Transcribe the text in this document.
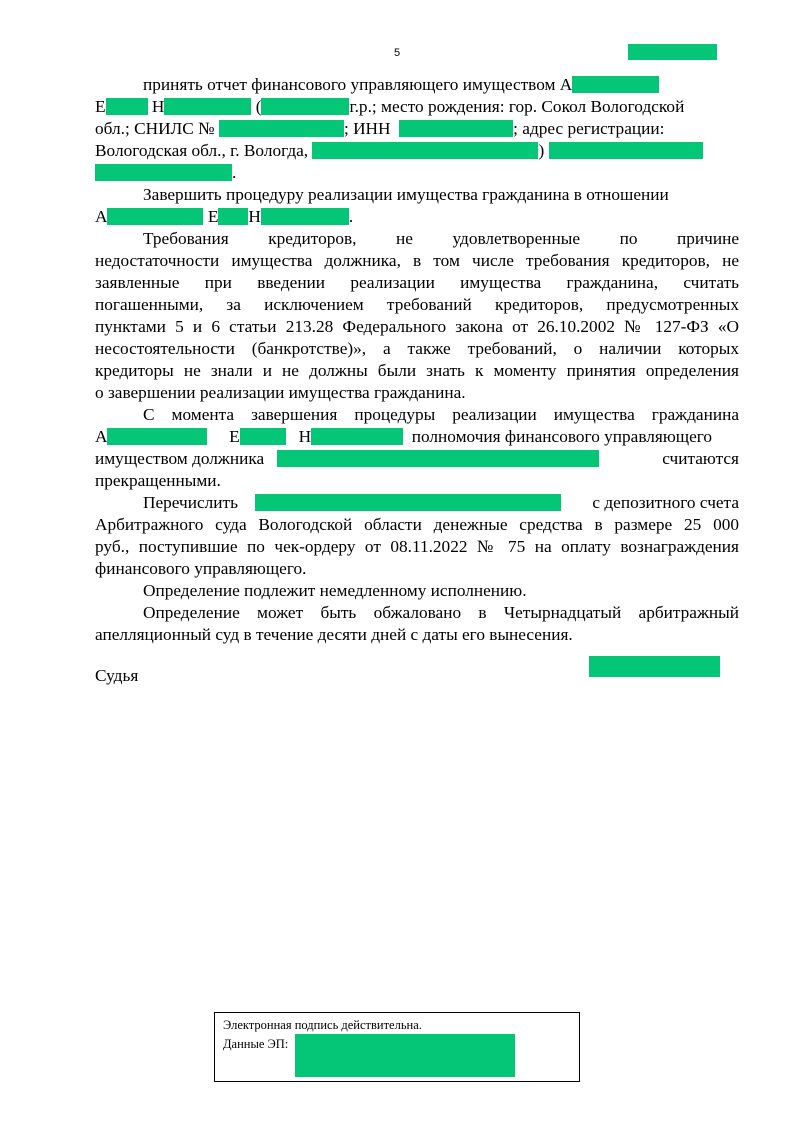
5
принять отчет финансового управляющего имуществом А
Е	Н	(	г.р.; место рождения: гор. Сокол Вологодской
обл.; СНИЛС №	; ИНН	; адрес регистрации:
Вологодская обл., г. Вологда,	)
.
Завершить процедуру реализации имущества гражданина в отношении
А	Е Н	.
Требования кредиторов, не удовлетворенные по причине
недостаточности имущества должника, в том числе требования кредиторов, не
заявленные при введении реализации имущества гражданина, считать
погашенными, за исключением требований кредиторов, предусмотренных
пунктами 5 и 6 статьи 213.28 Федерального закона от 26.10.2002 № 127-ФЗ «О
несостоятельности (банкротстве)», а также требований, о наличии которых
кредиторы не знали и не должны были знать к моменту принятия определения
о завершении реализации имущества гражданина.
С момента завершения процедуры реализации имущества гражданина
А	Е	Н	полномочия финансового управляющего
имуществом должника	считаются
прекращенными.
Перечислить	с депозитного счета
Арбитражного суда Вологодской области денежные средства в размере 25 000
руб., поступившие по чек-ордеру от 08.11.2022 № 75 на оплату вознаграждения
финансового управляющего.
Определение подлежит немедленному исполнению.
Определение может быть обжаловано в Четырнадцатый арбитражный
апелляционный суд в течение десяти дней с даты его вынесения.
Судья
Электронная подпись действительна.
Данные ЭП:
